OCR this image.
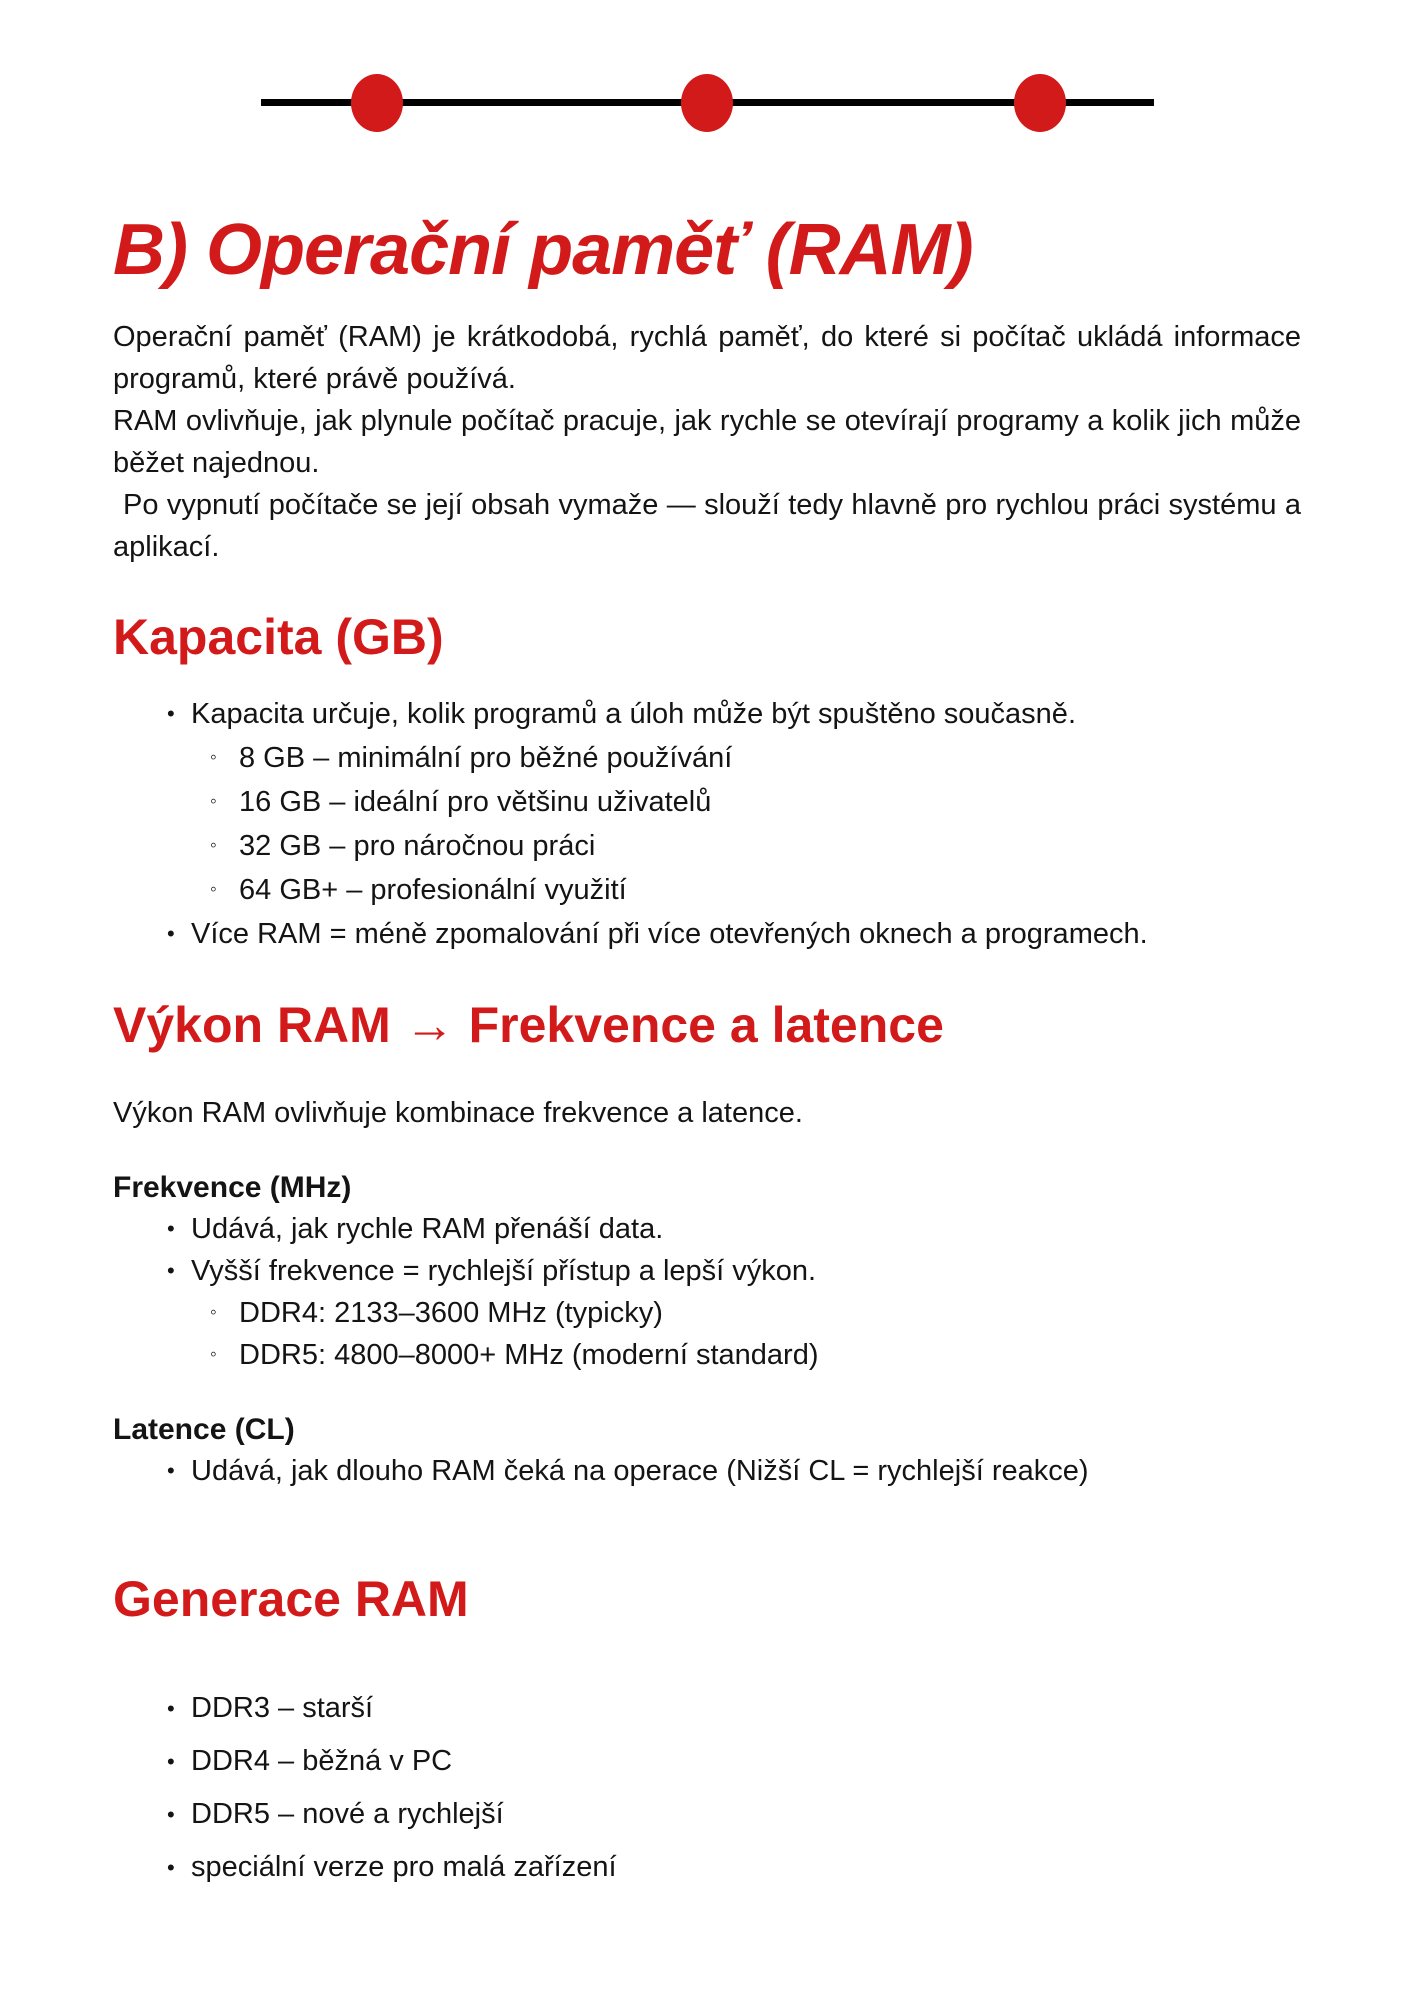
B) Operační paměť (RAM)

Operační paměť (RAM) je krátkodobá, rychlá paměť, do které si počítač ukládá informace programů, které právě používá.

RAM ovlivňuje, jak plynule počítač pracuje, jak rychle se otevírají programy a kolik jich může běžet najednou.

Po vypnutí počítače se její obsah vymaže — slouží tedy hlavně pro rychlou práci systému a aplikací.

Kapacita (GB)
• Kapacita určuje, kolik programů a úloh může být spuštěno současně.
◦ 8 GB – minimální pro běžné používání
◦ 16 GB – ideální pro většinu uživatelů
◦ 32 GB – pro náročnou práci
◦ 64 GB+ – profesionální využití
• Více RAM = méně zpomalování při více otevřených oknech a programech.
Výkon RAM → Frekvence a latence

Výkon RAM ovlivňuje kombinace frekvence a latence.

Frekvence (MHz)
• Udává, jak rychle RAM přenáší data.
• Vyšší frekvence = rychlejší přístup a lepší výkon.
◦ DDR4: 2133–3600 MHz (typicky)
◦ DDR5: 4800–8000+ MHz (moderní standard)
Latence (CL)
• Udává, jak dlouho RAM čeká na operace (Nižší CL = rychlejší reakce)
Generace RAM
• DDR3 – starší
• DDR4 – běžná v PC
• DDR5 – nové a rychlejší
• speciální verze pro malá zařízení
